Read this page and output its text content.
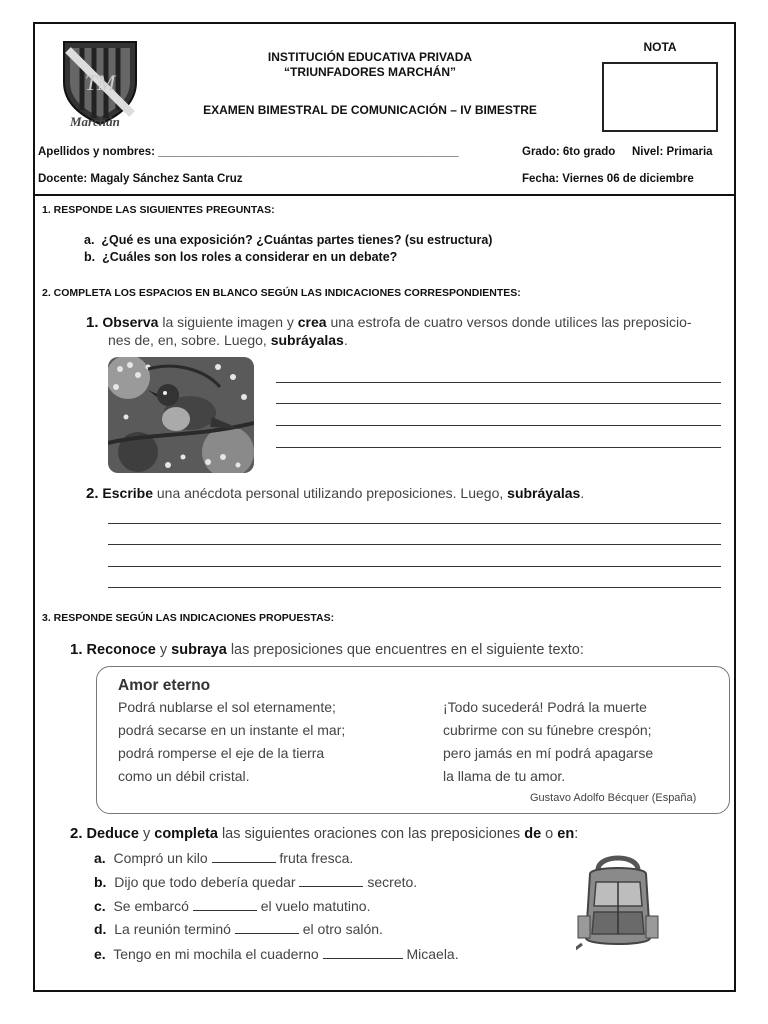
TM
Marchán
INSTITUCIÓN EDUCATIVA PRIVADA
“TRIUNFADORES MARCHÁN”
EXAMEN BIMESTRAL DE COMUNICACIÓN – IV BIMESTRE
NOTA
Apellidos y nombres: _______________________________________________	Grado: 6to grado Nivel: Primaria
Docente: Magaly Sánchez Santa Cruz	Fecha: Viernes 06 de diciembre
1. RESPONDE LAS SIGUIENTES PREGUNTAS:
a. ¿Qué es una exposición? ¿Cuántas partes tienes? (su estructura)
b. ¿Cuáles son los roles a considerar en un debate?
2. COMPLETA LOS ESPACIOS EN BLANCO SEGÚN LAS INDICACIONES CORRESPONDIENTES:
1. Observa la siguiente imagen y crea una estrofa de cuatro versos donde utilices las preposicio-
nes de, en, sobre. Luego, subráyalas.
2. Escribe una anécdota personal utilizando preposiciones. Luego, subráyalas.
3. RESPONDE SEGÚN LAS INDICACIONES PROPUESTAS:
1. Reconoce y subraya las preposiciones que encuentres en el siguiente texto:
Amor eterno
Podrá nublarse el sol eternamente;
podrá secarse en un instante el mar;
podrá romperse el eje de la tierra
como un débil cristal.
¡Todo sucederá! Podrá la muerte
cubrirme con su fúnebre crespón;
pero jamás en mí podrá apagarse
la llama de tu amor.
Gustavo Adolfo Bécquer (España)
2. Deduce y completa las siguientes oraciones con las preposiciones de o en:
a. Compró un kilo	fruta fresca.
b. Dijo que todo debería quedar	secreto.
c. Se embarcó	el vuelo matutino.
d. La reunión terminó	el otro salón.
e. Tengo en mi mochila el cuaderno	Micaela.
